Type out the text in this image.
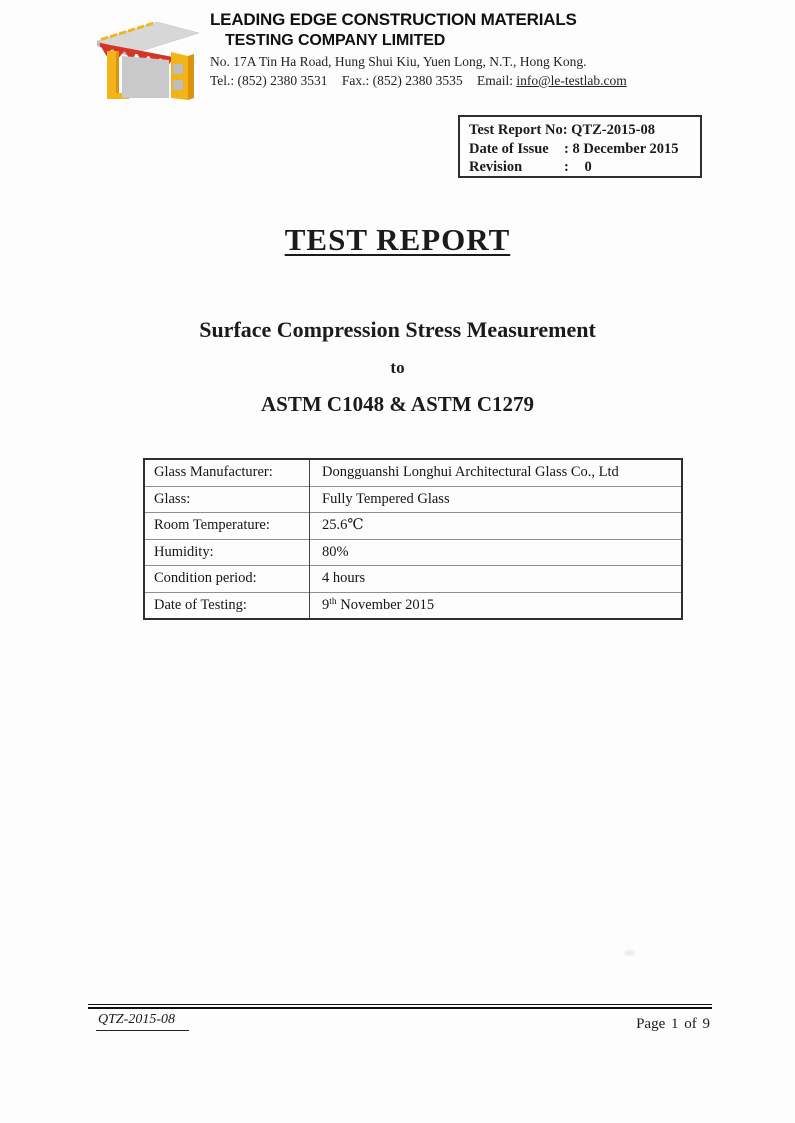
LEADING EDGE CONSTRUCTION MATERIALS
TESTING COMPANY LIMITED
No. 17A Tin Ha Road, Hung Shui Kiu, Yuen Long, N.T., Hong Kong.
Tel.: (852) 2380 3531 Fax.: (852) 2380 3535 Email: info@le-testlab.com
Test Report No: QTZ-2015-08
Date of Issue : 8 December 2015
Revision	: 0
TEST REPORT
Surface Compression Stress Measurement
to
ASTM C1048 & ASTM C1279
Glass Manufacturer:	Dongguanshi Longhui Architectural Glass Co., Ltd
Glass:	Fully Tempered Glass
Room Temperature:	25.6℃
Humidity:	80%
Condition period:	4 hours
Date of Testing:	9th November 2015
QTZ-2015-08	Page 1 of 9
